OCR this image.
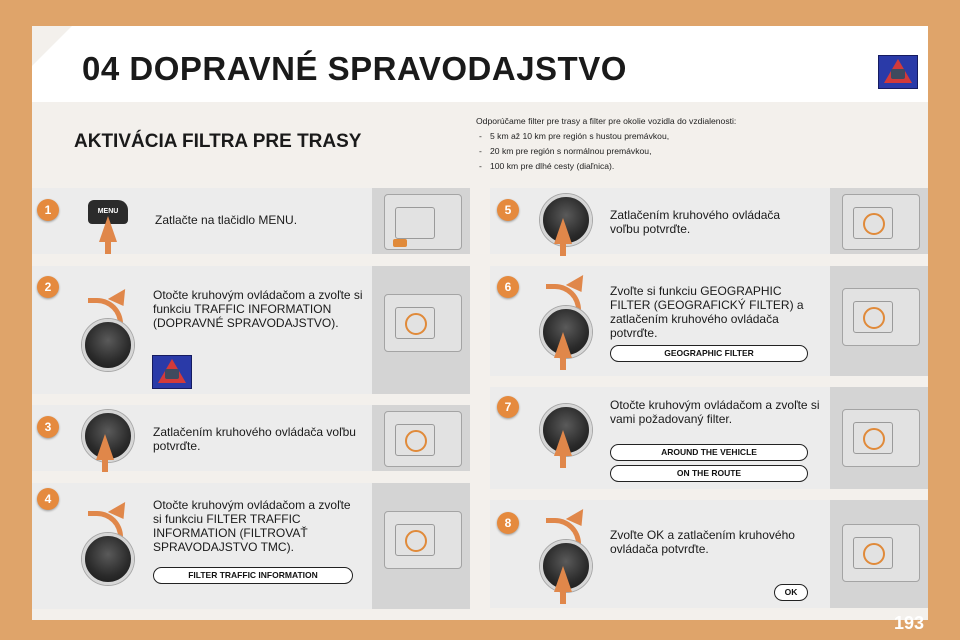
04 DOPRAVNÉ SPRAVODAJSTVO
AKTIVÁCIA FILTRA PRE TRASY
Odporúčame filter pre trasy a filter pre okolie vozidla do vzdialenosti:
- 5 km až 10 km pre región s hustou premávkou,
- 20 km pre región s normálnou premávkou,
- 100 km pre dlhé cesty (diaľnica).
1	MENU
Zatlačte na tlačidlo MENU.
2
Otočte kruhovým ovládačom a zvoľte si funkciu TRAFFIC INFORMATION (DOPRAVNÉ SPRAVODAJSTVO).
3	Zatlačením kruhového ovládača voľbu potvrďte.
4	Otočte kruhovým ovládačom a zvoľte si funkciu FILTER TRAFFIC INFORMATION (FILTROVAŤ SPRAVODAJSTVO TMC).
FILTER TRAFFIC INFORMATION
5	Zatlačením kruhového ovládača voľbu potvrďte.
6	Zvoľte si funkciu GEOGRAPHIC FILTER (GEOGRAFICKÝ FILTER) a zatlačením kruhového ovládača potvrďte.
GEOGRAPHIC FILTER
7	Otočte kruhovým ovládačom a zvoľte si vami požadovaný filter.
AROUND THE VEHICLE
ON THE ROUTE
8
Zvoľte OK a zatlačením kruhového ovládača potvrďte.
OK
193
